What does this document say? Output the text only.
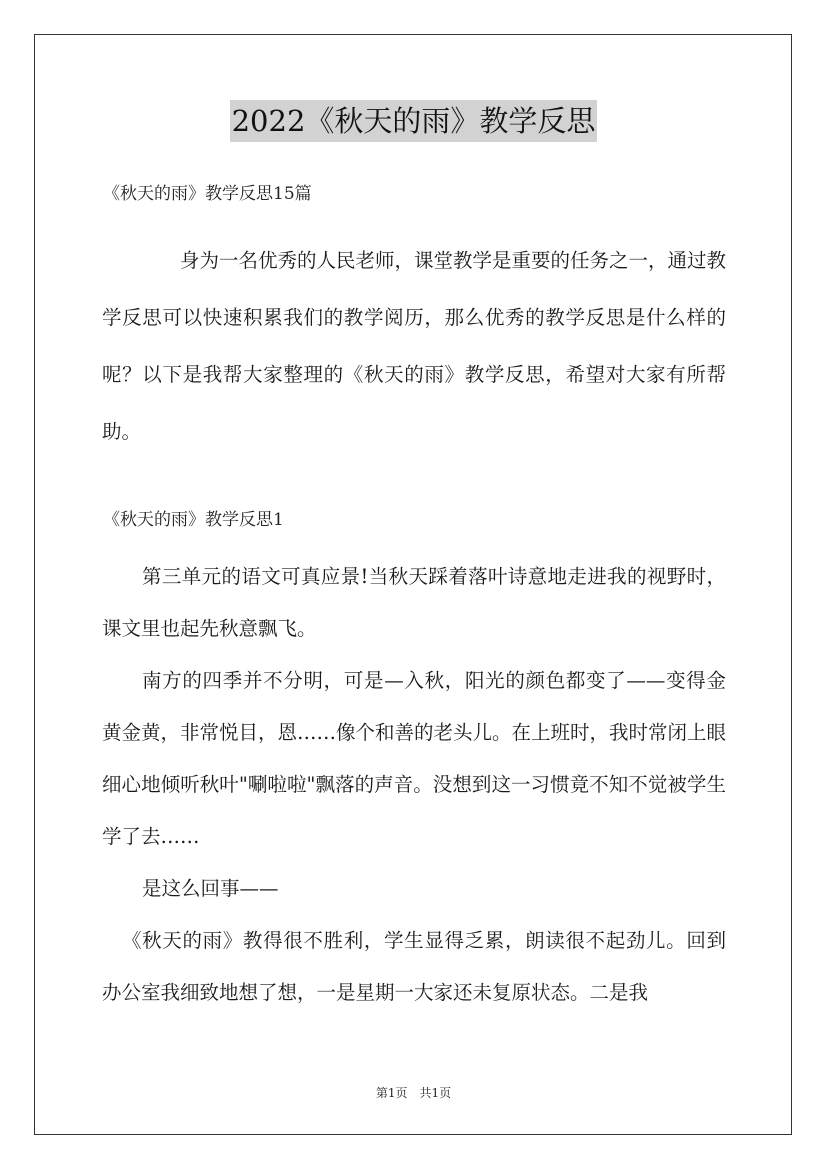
2022《秋天的雨》教学反思
《秋天的雨》教学反思15篇

身为一名优秀的人民老师，课堂教学是重要的任务之一，通过教学反思可以快速积累我们的教学阅历，那么优秀的教学反思是什么样的呢？以下是我帮大家整理的《秋天的雨》教学反思，希望对大家有所帮助。

《秋天的雨》教学反思1

第三单元的语文可真应景!当秋天踩着落叶诗意地走进我的视野时，课文里也起先秋意飘飞。

南方的四季并不分明，可是—入秋，阳光的颜色都变了——变得金黄金黄，非常悦目，恩……像个和善的老头儿。在上班时，我时常闭上眼细心地倾听秋叶"唰啦啦"飘落的声音。没想到这一习惯竟不知不觉被学生学了去……

是这么回事——

《秋天的雨》教得很不胜利，学生显得乏累，朗读很不起劲儿。回到办公室我细致地想了想，一是星期一大家还未复原状态。二是我

第1页　共1页
